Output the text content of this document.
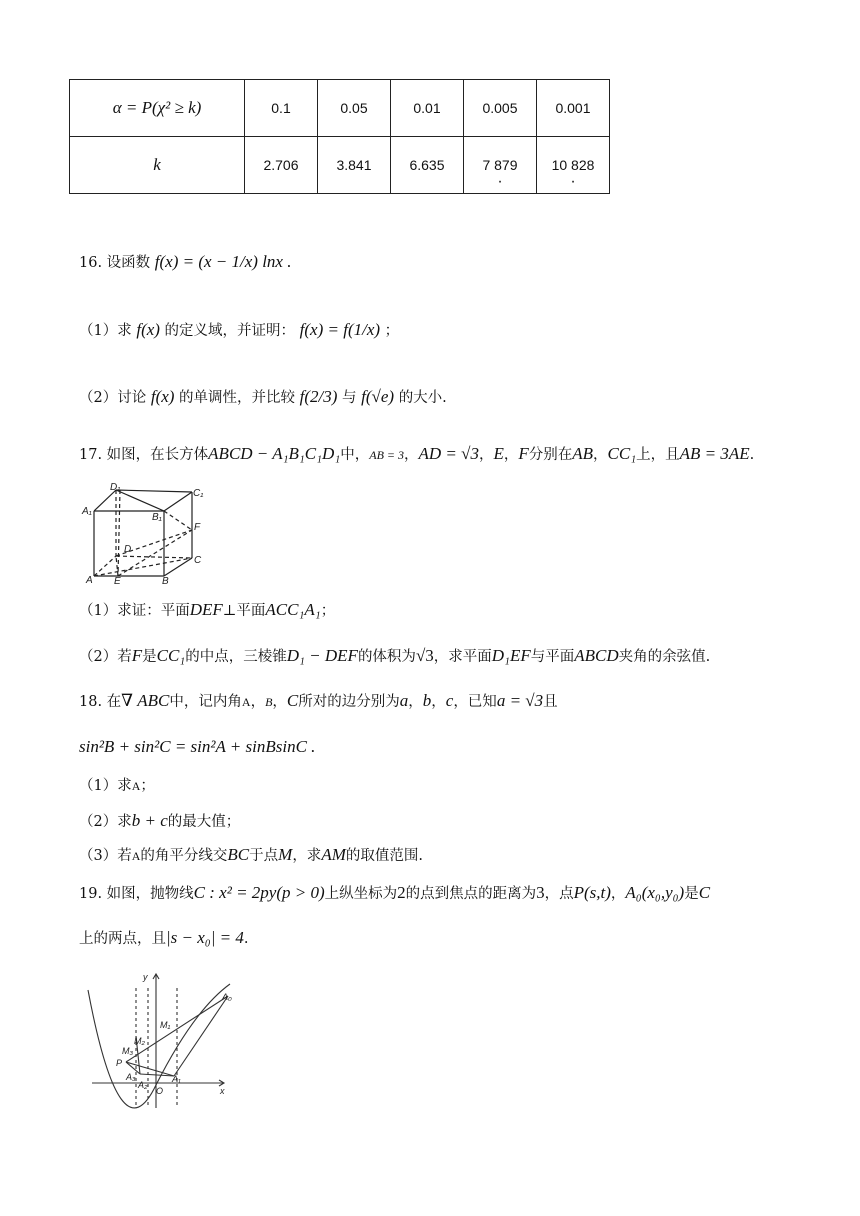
α = P(χ² ≥ k)	0.1	0.05	0.01	0.005	0.001
k	2.706	3.841	6.635	7 879 ·	10 828 ·
16. 设函数 f(x) = (x − 1/x) lnx .
（1）求 f(x) 的定义域，并证明： f(x) = f(1/x) ；
（2）讨论 f(x) 的单调性，并比较 f(2/3) 与 f(√e) 的大小.
17. 如图，在长方体ABCD − A₁B₁C₁D₁中，AB = 3，AD = √3，E，F分别在AB，CC₁上，且AB = 3AE.
D₁
C₁
A₁
B₁
F
D
C
A E	B
（1）求证：平面DEF⊥平面ACC₁A₁；
（2）若F是CC₁的中点，三棱锥D₁ − DEF的体积为√3，求平面D₁EF与平面ABCD夹角的余弦值.
18. 在∇ ABC中，记内角A，B，C所对的边分别为a，b，c，已知a = √3且
sin²B + sin²C = sin²A + sinBsinC .
（1）求A；
（2）求b + c的最大值；
（3）若A的角平分线交BC于点M，求AM的取值范围.
19. 如图，抛物线C : x² = 2py(p > 0)上纵坐标为2的点到焦点的距离为3，点P(s,t)，A₀(x₀,y₀)是C
上的两点，且|s − x₀| = 4.
y
x
O
P
A₀
A₁
A₂
A₃
M₁
M₂
M₃
